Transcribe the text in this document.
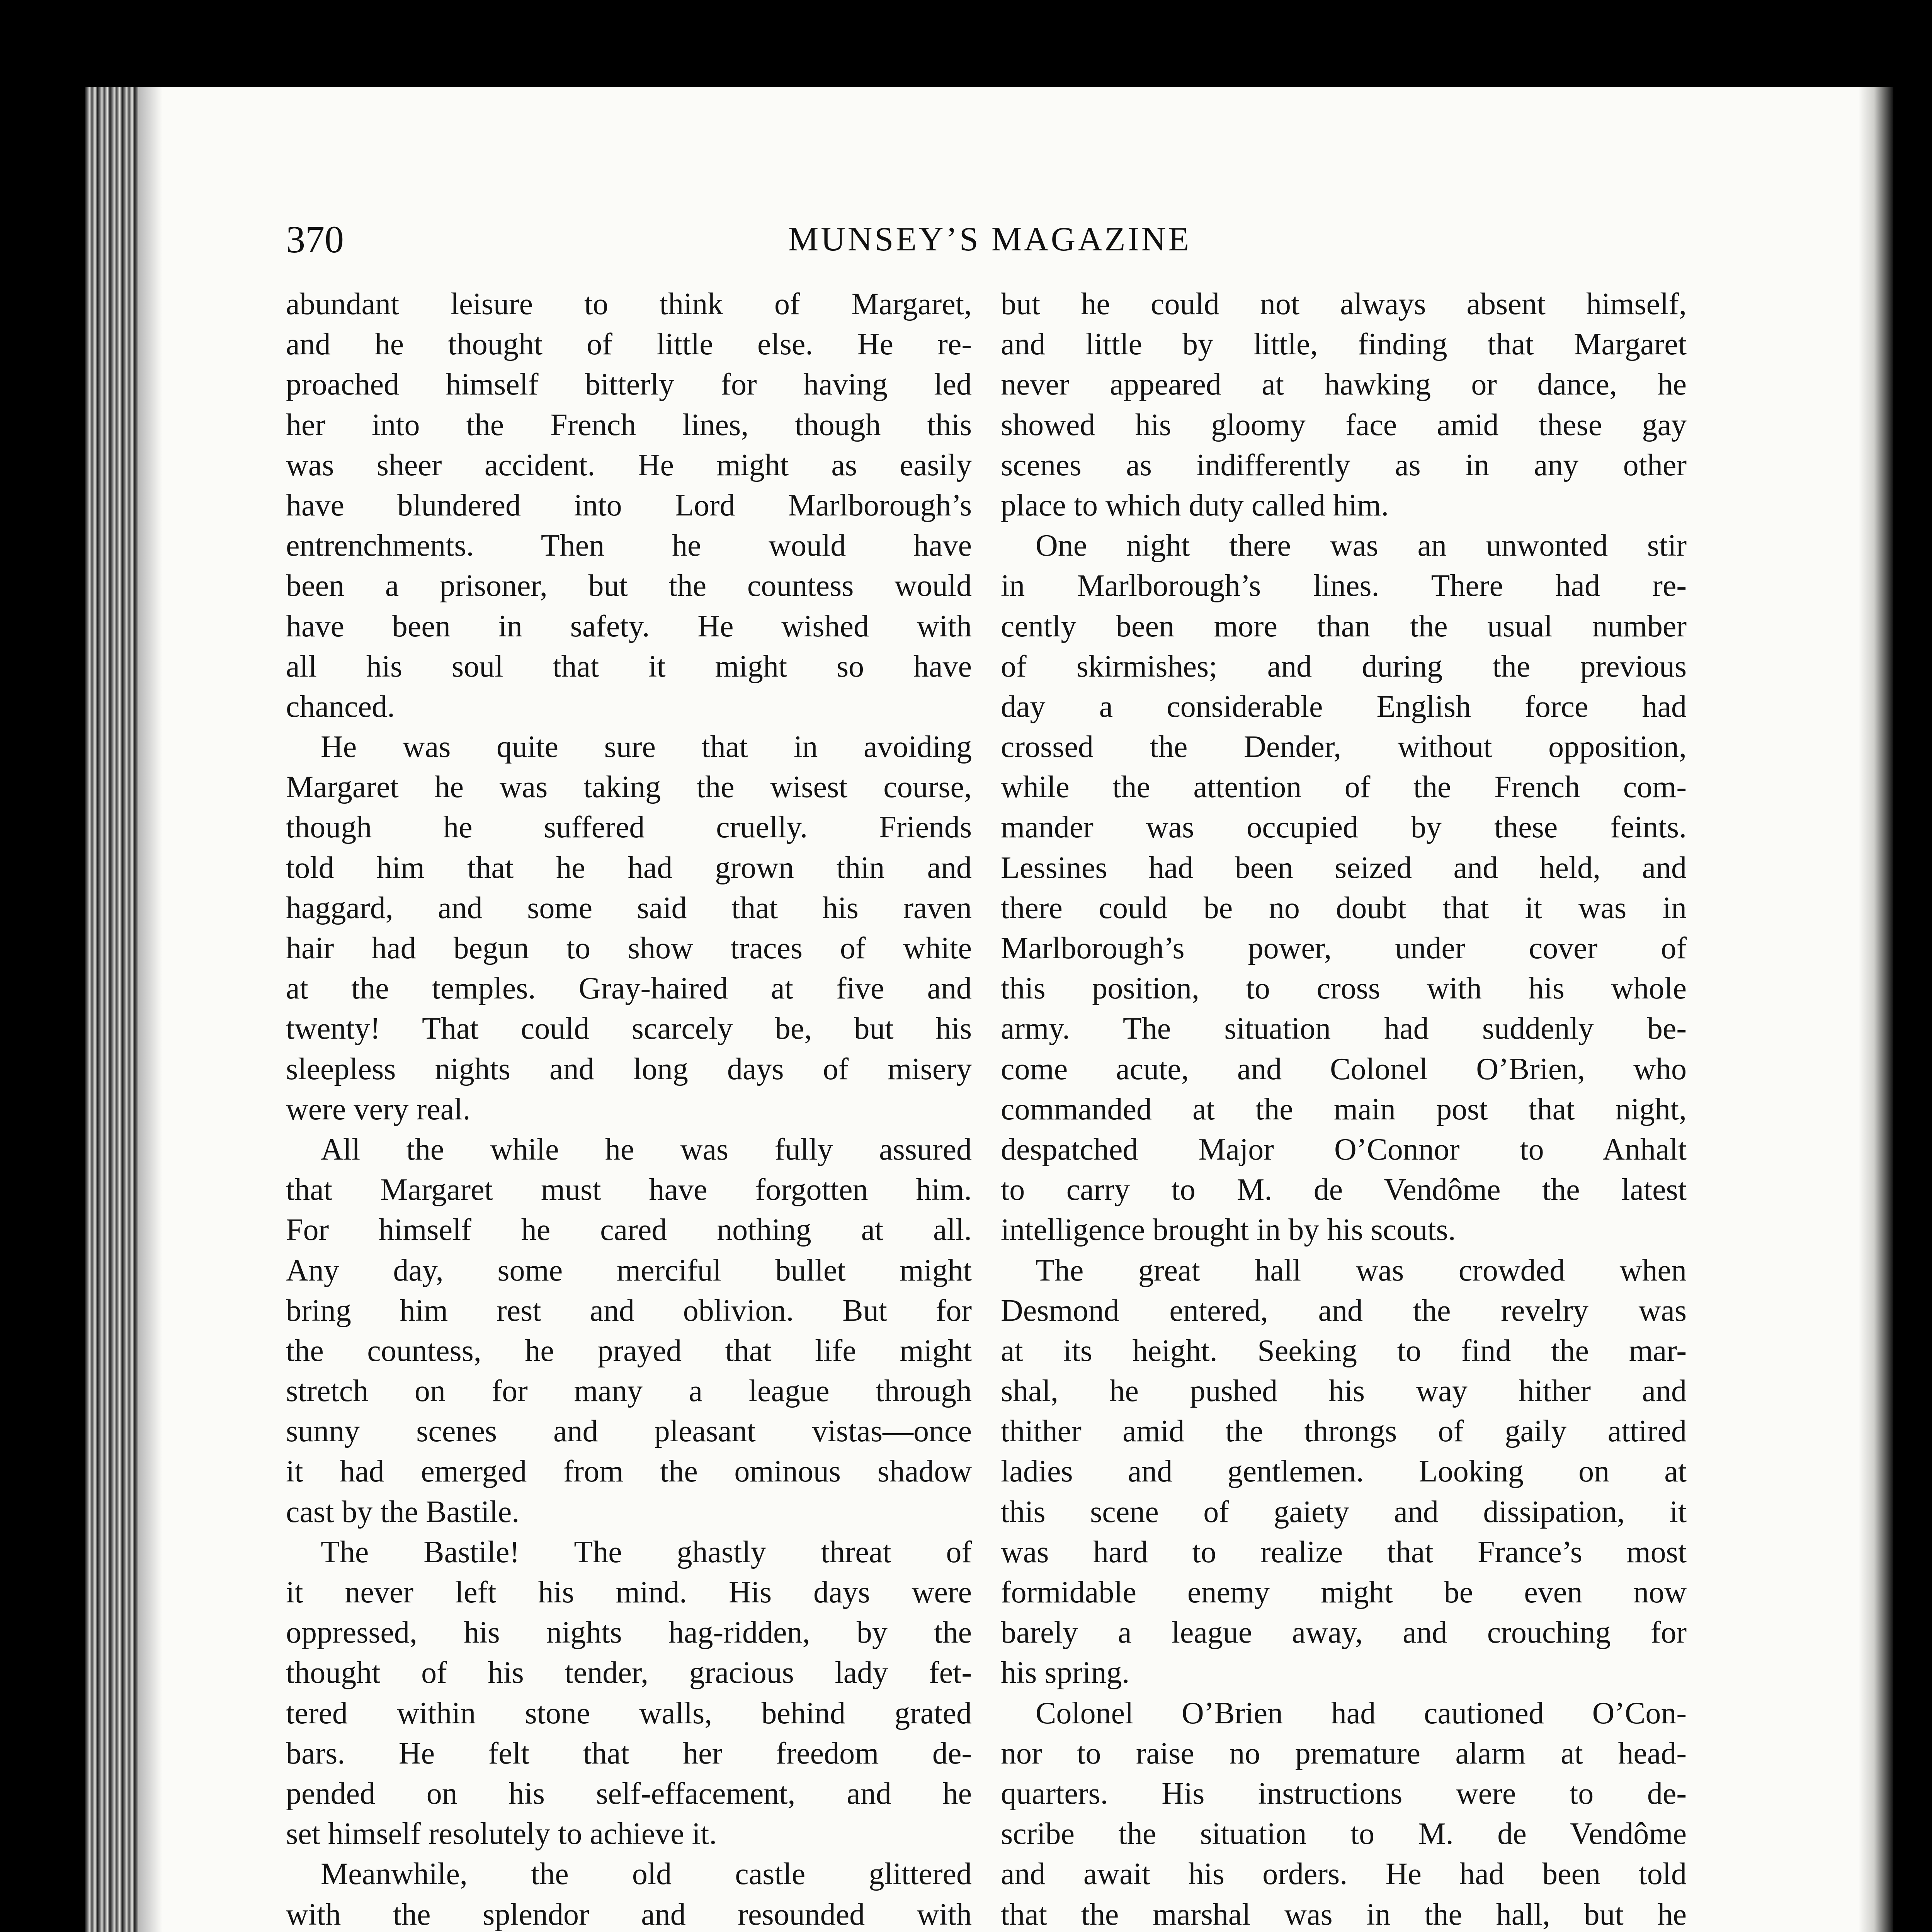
370	MUNSEY’S MAGAZINE
abundant leisure to think of Margaret,
and he thought of little else. He re-
proached himself bitterly for having led
her into the French lines, though this
was sheer accident. He might as easily
have blundered into Lord Marlborough’s
entrenchments. Then he would have
been a prisoner, but the countess would
have been in safety. He wished with
all his soul that it might so have
chanced.
He was quite sure that in avoiding
Margaret he was taking the wisest course,
though he suffered cruelly. Friends
told him that he had grown thin and
haggard, and some said that his raven
hair had begun to show traces of white
at the temples. Gray-haired at five and
twenty! That could scarcely be, but his
sleepless nights and long days of misery
were very real.
All the while he was fully assured
that Margaret must have forgotten him.
For himself he cared nothing at all.
Any day, some merciful bullet might
bring him rest and oblivion. But for
the countess, he prayed that life might
stretch on for many a league through
sunny scenes and pleasant vistas—once
it had emerged from the ominous shadow
cast by the Bastile.
The Bastile! The ghastly threat of
it never left his mind. His days were
oppressed, his nights hag-ridden, by the
thought of his tender, gracious lady fet-
tered within stone walls, behind grated
bars. He felt that her freedom de-
pended on his self-effacement, and he
set himself resolutely to achieve it.
Meanwhile, the old castle glittered
with the splendor and resounded with
but he could not always absent himself,
and little by little, finding that Margaret
never appeared at hawking or dance, he
showed his gloomy face amid these gay
scenes as indifferently as in any other
place to which duty called him.
One night there was an unwonted stir
in Marlborough’s lines. There had re-
cently been more than the usual number
of skirmishes; and during the previous
day a considerable English force had
crossed the Dender, without opposition,
while the attention of the French com-
mander was occupied by these feints.
Lessines had been seized and held, and
there could be no doubt that it was in
Marlborough’s power, under cover of
this position, to cross with his whole
army. The situation had suddenly be-
come acute, and Colonel O’Brien, who
commanded at the main post that night,
despatched Major O’Connor to Anhalt
to carry to M. de Vendôme the latest
intelligence brought in by his scouts.
The great hall was crowded when
Desmond entered, and the revelry was
at its height. Seeking to find the mar-
shal, he pushed his way hither and
thither amid the throngs of gaily attired
ladies and gentlemen. Looking on at
this scene of gaiety and dissipation, it
was hard to realize that France’s most
formidable enemy might be even now
barely a league away, and crouching for
his spring.
Colonel O’Brien had cautioned O’Con-
nor to raise no premature alarm at head-
quarters. His instructions were to de-
scribe the situation to M. de Vendôme
and await his orders. He had been told
that the marshal was in the hall, but he
